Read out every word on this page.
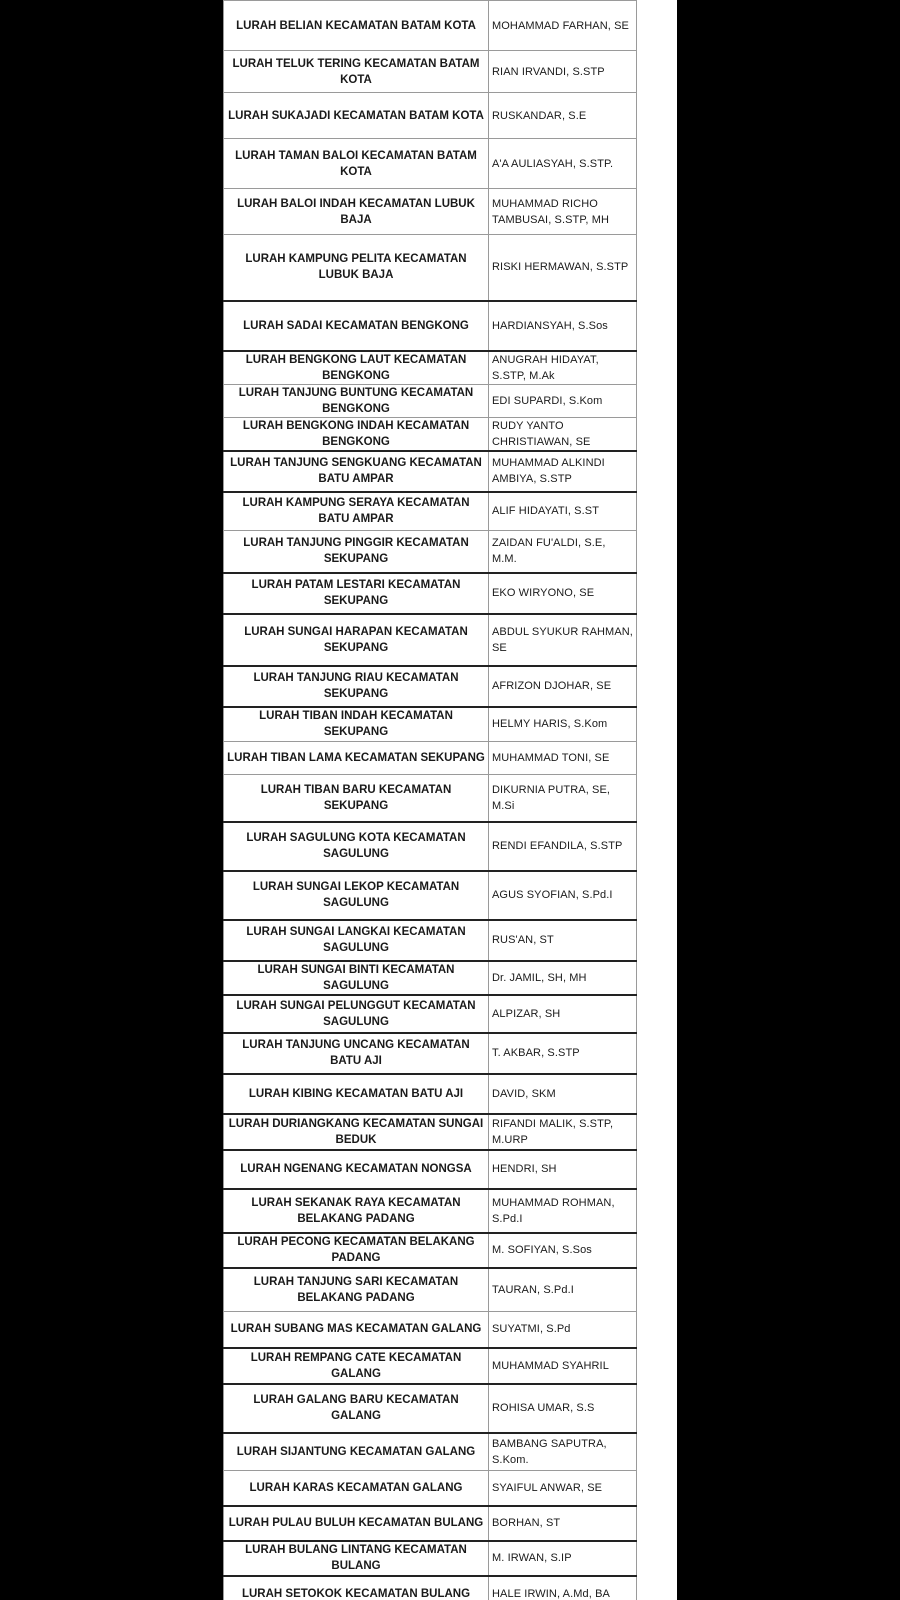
LURAH BELIAN KECAMATAN BATAM KOTA	MOHAMMAD FARHAN, SE
LURAH TELUK TERING KECAMATAN BATAM KOTA	RIAN IRVANDI, S.STP
LURAH SUKAJADI KECAMATAN BATAM KOTA	RUSKANDAR, S.E
LURAH TAMAN BALOI KECAMATAN BATAM KOTA	A'A AULIASYAH, S.STP.
LURAH BALOI INDAH KECAMATAN LUBUK BAJA	MUHAMMAD RICHO TAMBUSAI, S.STP, MH
LURAH KAMPUNG PELITA KECAMATAN LUBUK BAJA	RISKI HERMAWAN, S.STP
LURAH SADAI KECAMATAN BENGKONG	HARDIANSYAH, S.Sos
LURAH BENGKONG LAUT KECAMATAN BENGKONG	ANUGRAH HIDAYAT, S.STP, M.Ak
LURAH TANJUNG BUNTUNG KECAMATAN BENGKONG	EDI SUPARDI, S.Kom
LURAH BENGKONG INDAH KECAMATAN BENGKONG	RUDY YANTO CHRISTIAWAN, SE
LURAH TANJUNG SENGKUANG KECAMATAN BATU AMPAR	MUHAMMAD ALKINDI AMBIYA, S.STP
LURAH KAMPUNG SERAYA KECAMATAN BATU AMPAR	ALIF HIDAYATI, S.ST
LURAH TANJUNG PINGGIR KECAMATAN SEKUPANG	ZAIDAN FU'ALDI, S.E, M.M.
LURAH PATAM LESTARI KECAMATAN SEKUPANG	EKO WIRYONO, SE
LURAH SUNGAI HARAPAN KECAMATAN SEKUPANG	ABDUL SYUKUR RAHMAN, SE
LURAH TANJUNG RIAU KECAMATAN SEKUPANG	AFRIZON DJOHAR, SE
LURAH TIBAN INDAH KECAMATAN SEKUPANG	HELMY HARIS, S.Kom
LURAH TIBAN LAMA KECAMATAN SEKUPANG	MUHAMMAD TONI, SE
LURAH TIBAN BARU KECAMATAN SEKUPANG	DIKURNIA PUTRA, SE, M.Si
LURAH SAGULUNG KOTA KECAMATAN SAGULUNG	RENDI EFANDILA, S.STP
LURAH SUNGAI LEKOP KECAMATAN SAGULUNG	AGUS SYOFIAN, S.Pd.I
LURAH SUNGAI LANGKAI KECAMATAN SAGULUNG	RUS'AN, ST
LURAH SUNGAI BINTI KECAMATAN SAGULUNG	Dr. JAMIL, SH, MH
LURAH SUNGAI PELUNGGUT KECAMATAN SAGULUNG	ALPIZAR, SH
LURAH TANJUNG UNCANG KECAMATAN BATU AJI	T. AKBAR, S.STP
LURAH KIBING KECAMATAN BATU AJI	DAVID, SKM
LURAH DURIANGKANG KECAMATAN SUNGAI BEDUK	RIFANDI MALIK, S.STP, M.URP
LURAH NGENANG KECAMATAN NONGSA	HENDRI, SH
LURAH SEKANAK RAYA KECAMATAN BELAKANG PADANG	MUHAMMAD ROHMAN, S.Pd.I
LURAH PECONG KECAMATAN BELAKANG PADANG	M. SOFIYAN, S.Sos
LURAH TANJUNG SARI KECAMATAN BELAKANG PADANG	TAURAN, S.Pd.I
LURAH SUBANG MAS KECAMATAN GALANG	SUYATMI, S.Pd
LURAH REMPANG CATE KECAMATAN GALANG	MUHAMMAD SYAHRIL
LURAH GALANG BARU KECAMATAN GALANG	ROHISA UMAR, S.S
LURAH SIJANTUNG KECAMATAN GALANG	BAMBANG SAPUTRA, S.Kom.
LURAH KARAS KECAMATAN GALANG	SYAIFUL ANWAR, SE
LURAH PULAU BULUH KECAMATAN BULANG	BORHAN, ST
LURAH BULANG LINTANG KECAMATAN BULANG	M. IRWAN, S.IP
LURAH SETOKOK KECAMATAN BULANG	HALE IRWIN, A.Md, BA
